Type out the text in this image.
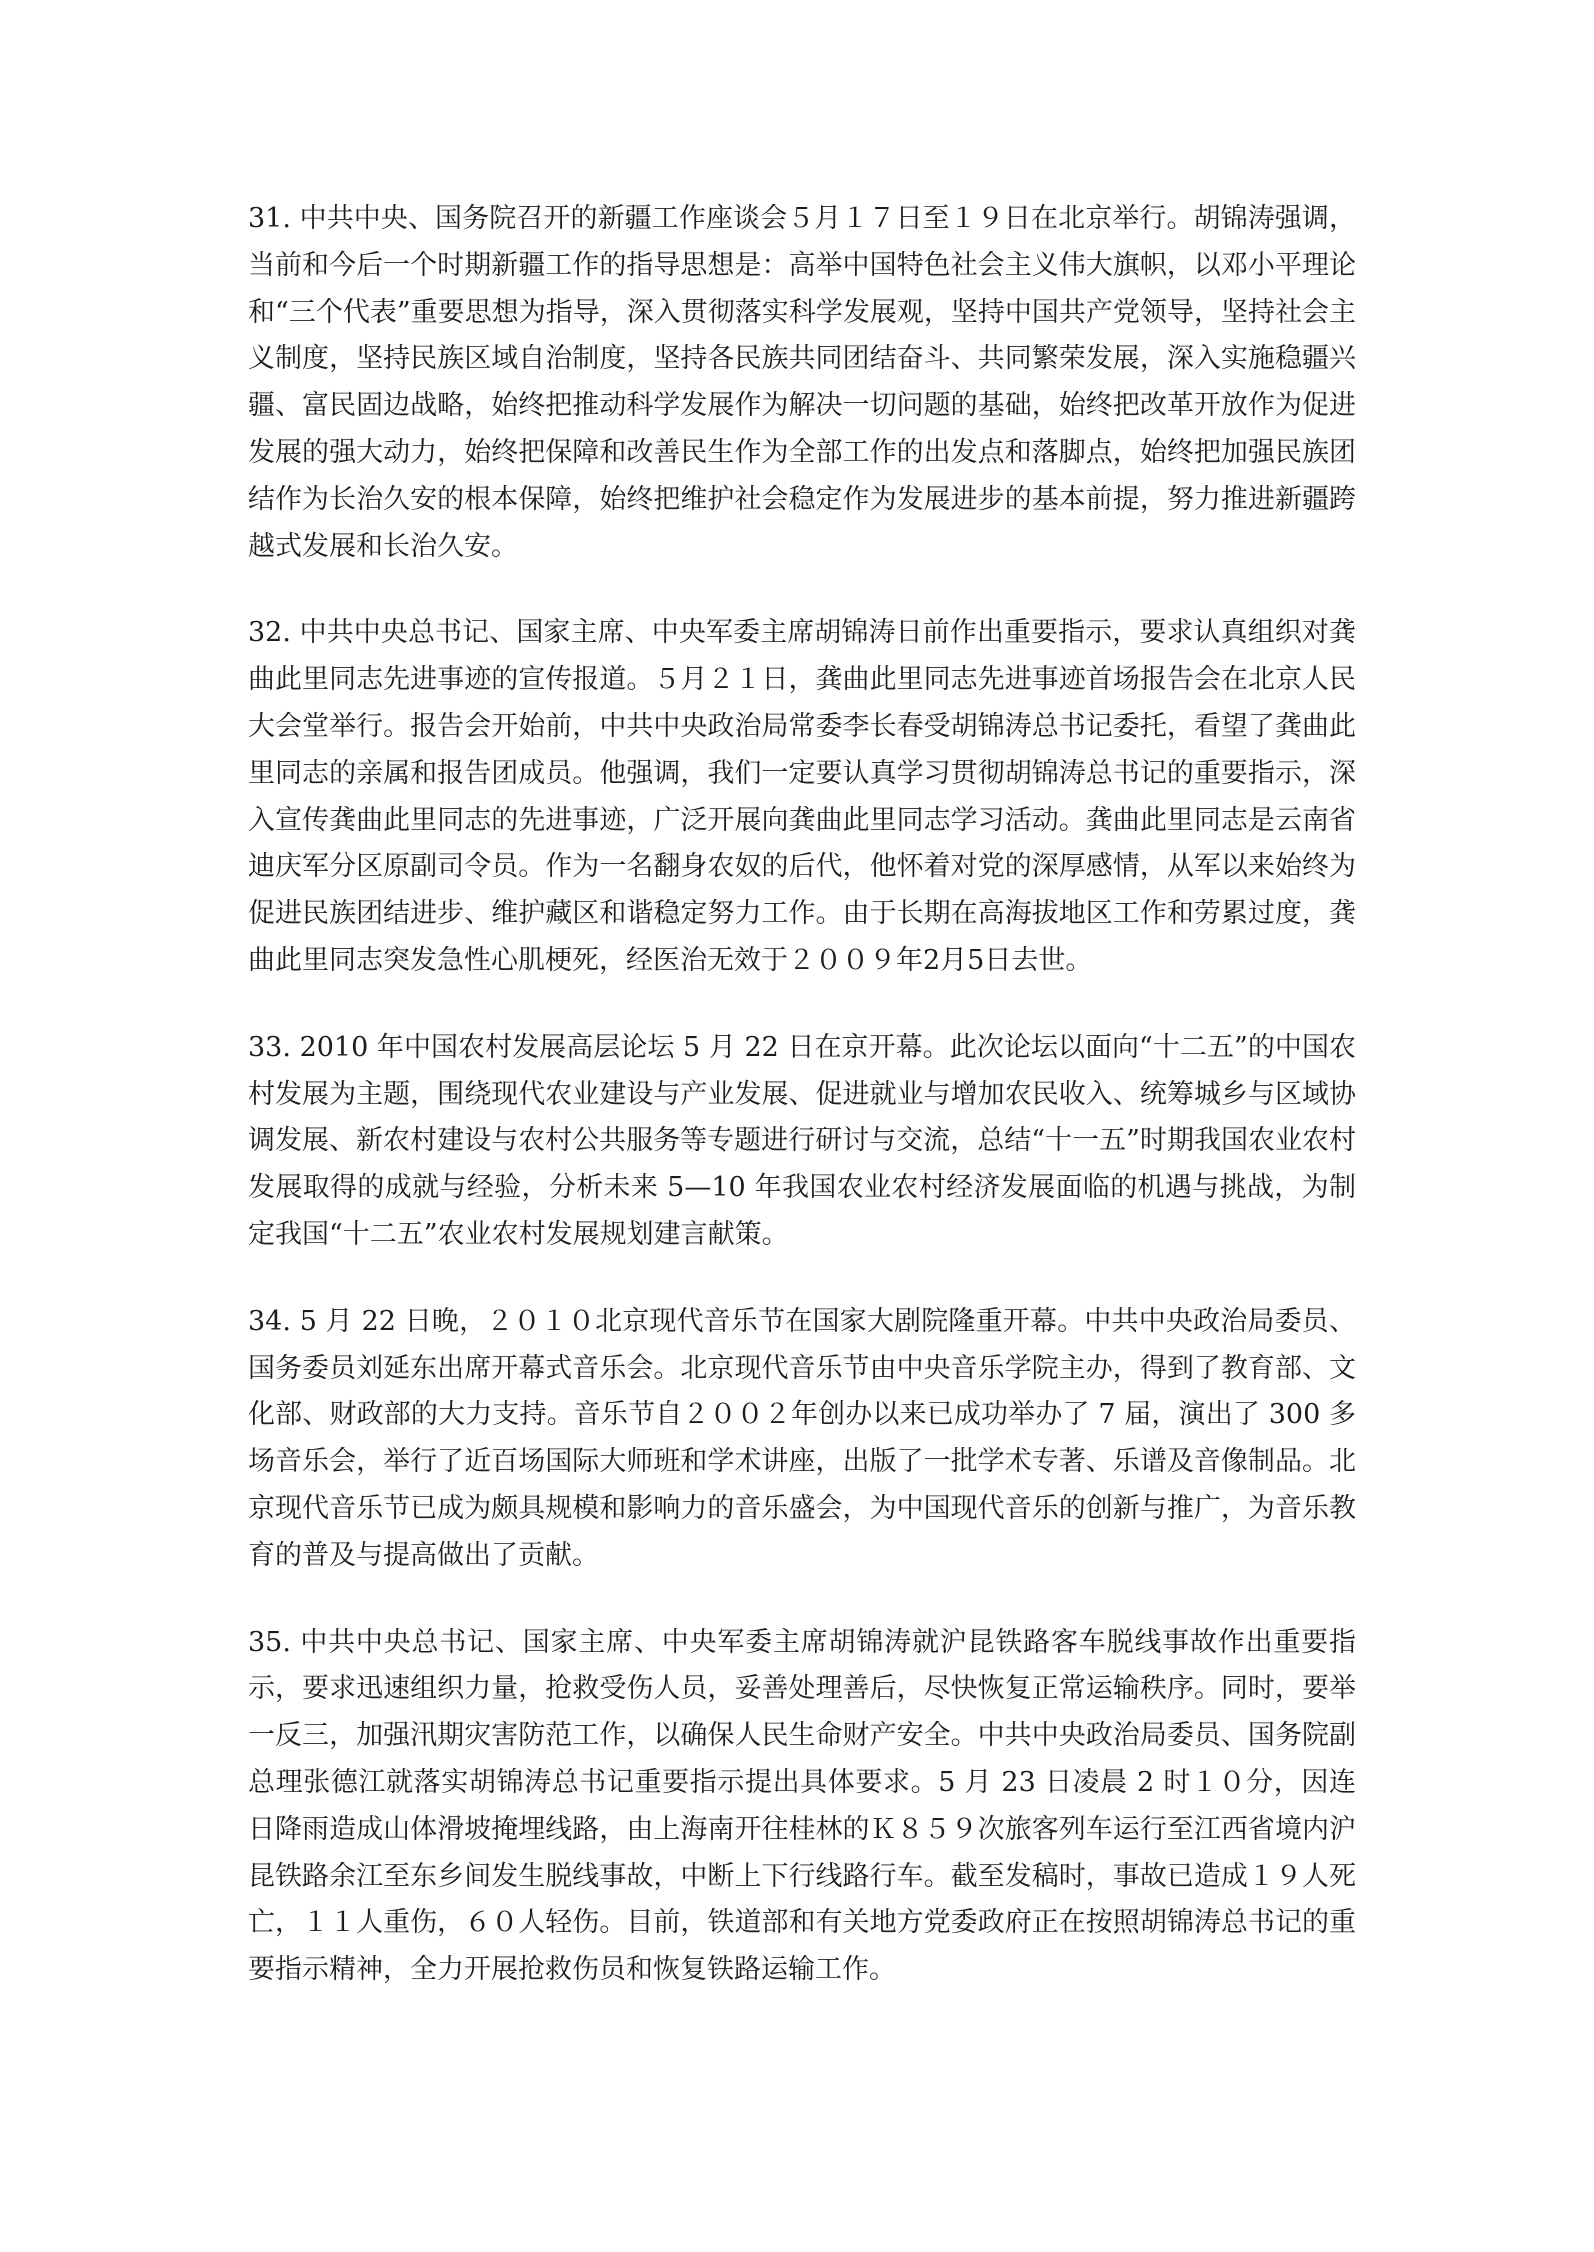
31. 中共中央、国务院召开的新疆工作座谈会５月１７日至１９日在北京举行。胡锦涛强调，当前和今后一个时期新疆工作的指导思想是：高举中国特色社会主义伟大旗帜，以邓小平理论和“三个代表”重要思想为指导，深入贯彻落实科学发展观，坚持中国共产党领导，坚持社会主义制度，坚持民族区域自治制度，坚持各民族共同团结奋斗、共同繁荣发展，深入实施稳疆兴疆、富民固边战略，始终把推动科学发展作为解决一切问题的基础，始终把改革开放作为促进发展的强大动力，始终把保障和改善民生作为全部工作的出发点和落脚点，始终把加强民族团结作为长治久安的根本保障，始终把维护社会稳定作为发展进步的基本前提，努力推进新疆跨越式发展和长治久安。

32. 中共中央总书记、国家主席、中央军委主席胡锦涛日前作出重要指示，要求认真组织对龚曲此里同志先进事迹的宣传报道。５月２１日，龚曲此里同志先进事迹首场报告会在北京人民大会堂举行。报告会开始前，中共中央政治局常委李长春受胡锦涛总书记委托，看望了龚曲此里同志的亲属和报告团成员。他强调，我们一定要认真学习贯彻胡锦涛总书记的重要指示，深入宣传龚曲此里同志的先进事迹，广泛开展向龚曲此里同志学习活动。龚曲此里同志是云南省迪庆军分区原副司令员。作为一名翻身农奴的后代，他怀着对党的深厚感情，从军以来始终为促进民族团结进步、维护藏区和谐稳定努力工作。由于长期在高海拔地区工作和劳累过度，龚曲此里同志突发急性心肌梗死，经医治无效于２００９年2月5日去世。

33. 2010 年中国农村发展高层论坛 5 月 22 日在京开幕。此次论坛以面向“十二五”的中国农村发展为主题，围绕现代农业建设与产业发展、促进就业与增加农民收入、统筹城乡与区域协调发展、新农村建设与农村公共服务等专题进行研讨与交流，总结“十一五”时期我国农业农村发展取得的成就与经验，分析未来 5—10 年我国农业农村经济发展面临的机遇与挑战，为制定我国“十二五”农业农村发展规划建言献策。

34. 5 月 22 日晚，２０１０北京现代音乐节在国家大剧院隆重开幕。中共中央政治局委员、国务委员刘延东出席开幕式音乐会。北京现代音乐节由中央音乐学院主办，得到了教育部、文化部、财政部的大力支持。音乐节自２００２年创办以来已成功举办了 7 届，演出了 300 多场音乐会，举行了近百场国际大师班和学术讲座，出版了一批学术专著、乐谱及音像制品。北京现代音乐节已成为颇具规模和影响力的音乐盛会，为中国现代音乐的创新与推广，为音乐教育的普及与提高做出了贡献。

35. 中共中央总书记、国家主席、中央军委主席胡锦涛就沪昆铁路客车脱线事故作出重要指示，要求迅速组织力量，抢救受伤人员，妥善处理善后，尽快恢复正常运输秩序。同时，要举一反三，加强汛期灾害防范工作，以确保人民生命财产安全。中共中央政治局委员、国务院副总理张德江就落实胡锦涛总书记重要指示提出具体要求。5 月 23 日凌晨 2 时１０分，因连日降雨造成山体滑坡掩埋线路，由上海南开往桂林的Ｋ８５９次旅客列车运行至江西省境内沪昆铁路余江至东乡间发生脱线事故，中断上下行线路行车。截至发稿时，事故已造成１９人死亡，１１人重伤，６０人轻伤。目前，铁道部和有关地方党委政府正在按照胡锦涛总书记的重要指示精神，全力开展抢救伤员和恢复铁路运输工作。
